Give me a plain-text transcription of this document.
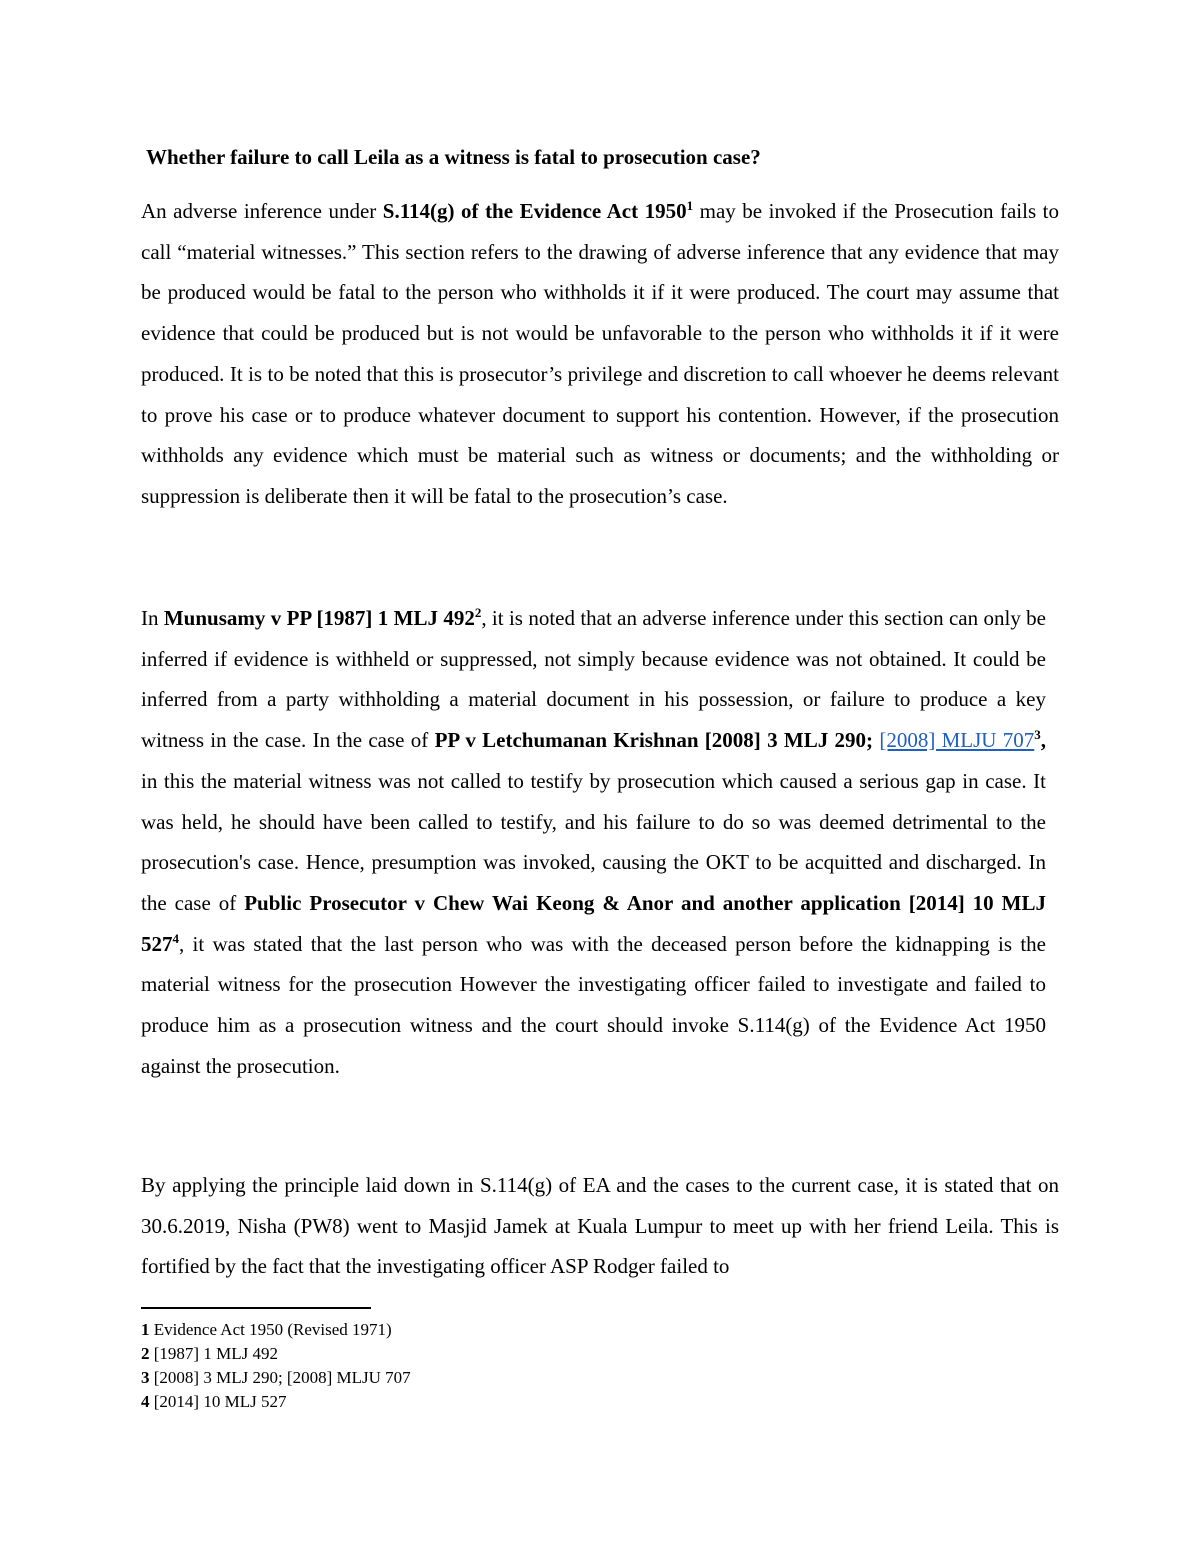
Whether failure to call Leila as a witness is fatal to prosecution case?

An adverse inference under S.114(g) of the Evidence Act 1950$^1$ may be invoked if the Prosecution fails to call “material witnesses.” This section refers to the drawing of adverse inference that any evidence that may be produced would be fatal to the person who withholds it if it were produced. The court may assume that evidence that could be produced but is not would be unfavorable to the person who withholds it if it were produced. It is to be noted that this is prosecutor’s privilege and discretion to call whoever he deems relevant to prove his case or to produce whatever document to support his contention. However, if the prosecution withholds any evidence which must be material such as witness or documents; and the withholding or suppression is deliberate then it will be fatal to the prosecution’s case.

In Munusamy v PP [1987] 1 MLJ $492^2$, it is noted that an adverse inference under this section can only be inferred if evidence is withheld or suppressed, not simply because evidence was not obtained. It could be inferred from a party withholding a material document in his possession, or failure to produce a key witness in the case. In the case of PP v Letchumanan Krishnan [2008] 3 MLJ 290; [2008] MLJU $707^3$, in this the material witness was not called to testify by prosecution which caused a serious gap in case. It was held, he should have been called to testify, and his failure to do so was deemed detrimental to the prosecution's case. Hence, presumption was invoked, causing the OKT to be acquitted and discharged. In the case of Public Prosecutor v Chew Wai Keong & Anor and another application [2014] 10 MLJ $527^4$, it was stated that the last person who was with the deceased person before the kidnapping is the material witness for the prosecution However the investigating officer failed to investigate and failed to produce him as a prosecution witness and the court should invoke S.114(g) of the Evidence Act 1950 against the prosecution.

By applying the principle laid down in S.114(g) of EA and the cases to the current case, it is stated that on 30.6.2019, Nisha (PW8) went to Masjid Jamek at Kuala Lumpur to meet up with her friend Leila. This is fortified by the fact that the investigating officer ASP Rodger failed to

1 Evidence Act 1950 (Revised 1971)
2 [1987] 1 MLJ 492
3 [2008] 3 MLJ 290; [2008] MLJU 707
4 [2014] 10 MLJ 527
